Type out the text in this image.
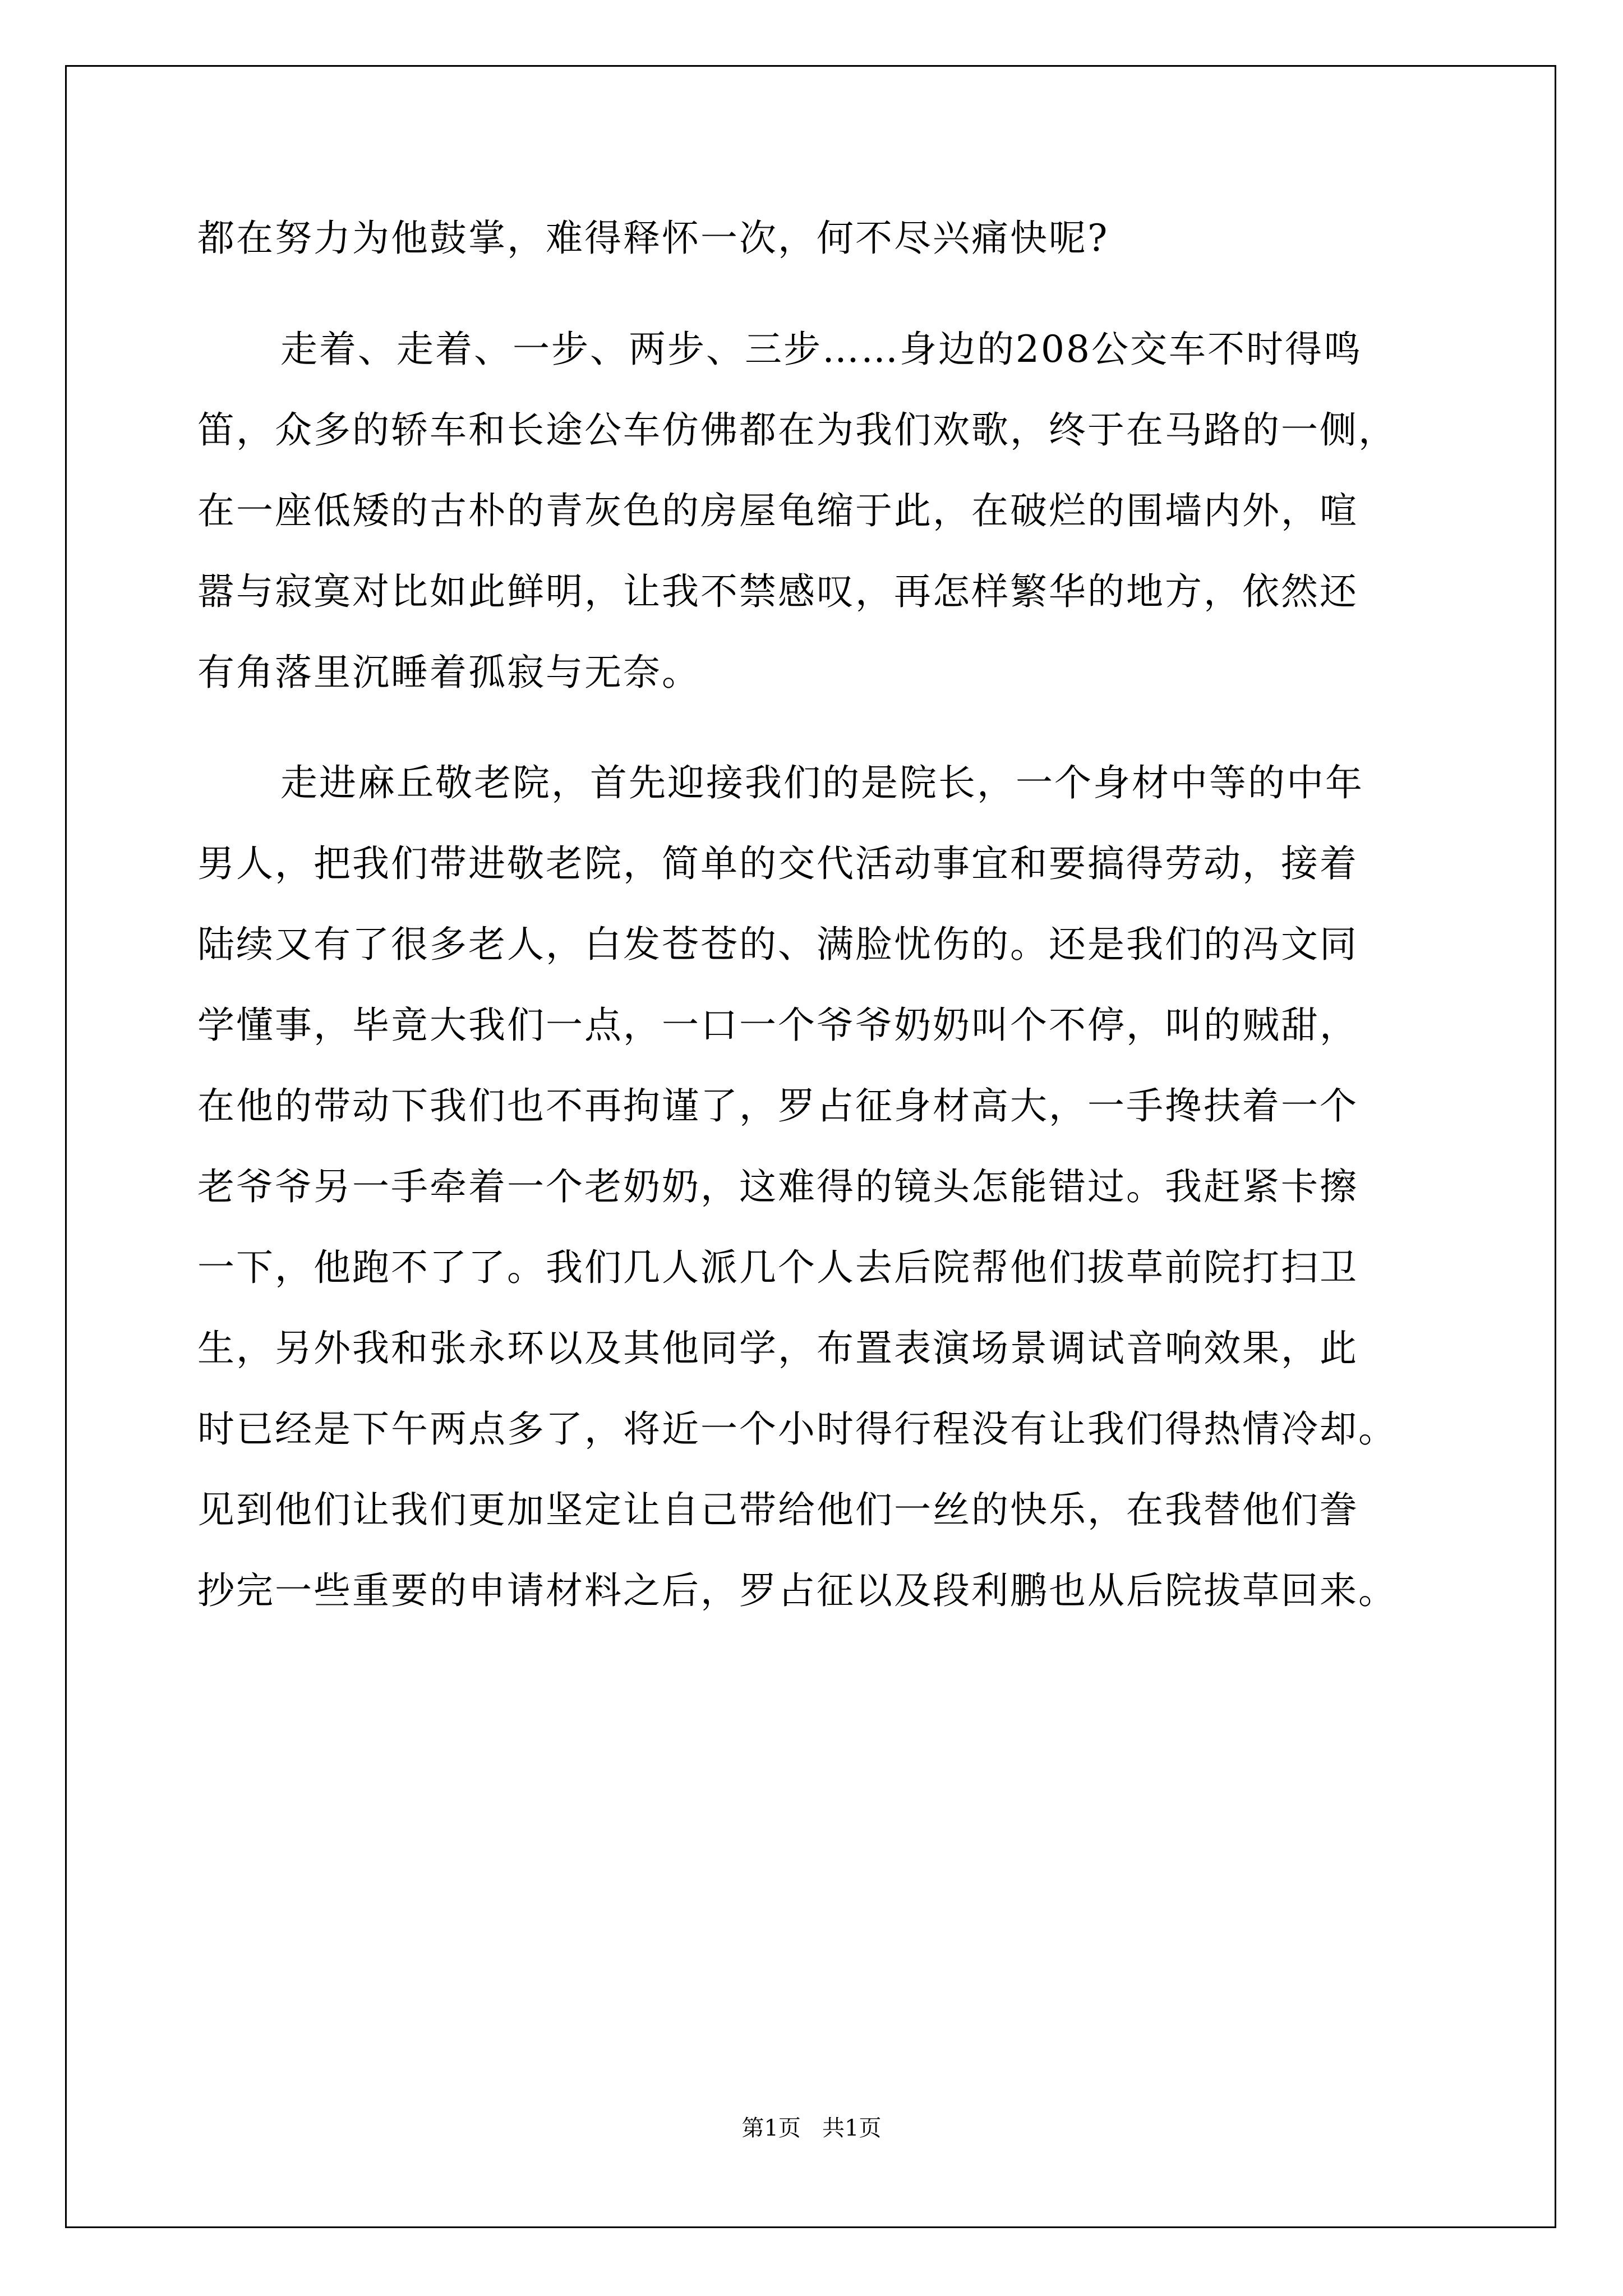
都在努力为他鼓掌，难得释怀一次，何不尽兴痛快呢?
走着、走着、一步、两步、三步……身边的208公交车不时得鸣
笛，众多的轿车和长途公车仿佛都在为我们欢歌，终于在马路的一侧，
在一座低矮的古朴的青灰色的房屋龟缩于此，在破烂的围墙内外，喧
嚣与寂寞对比如此鲜明，让我不禁感叹，再怎样繁华的地方，依然还
有角落里沉睡着孤寂与无奈。
走进麻丘敬老院，首先迎接我们的是院长，一个身材中等的中年
男人，把我们带进敬老院，简单的交代活动事宜和要搞得劳动，接着
陆续又有了很多老人，白发苍苍的、满脸忧伤的。还是我们的冯文同
学懂事，毕竟大我们一点，一口一个爷爷奶奶叫个不停，叫的贼甜，
在他的带动下我们也不再拘谨了，罗占征身材高大，一手搀扶着一个
老爷爷另一手牵着一个老奶奶，这难得的镜头怎能错过。我赶紧卡擦
一下，他跑不了了。我们几人派几个人去后院帮他们拔草前院打扫卫
生，另外我和张永环以及其他同学，布置表演场景调试音响效果，此
时已经是下午两点多了，将近一个小时得行程没有让我们得热情冷却。
见到他们让我们更加坚定让自己带给他们一丝的快乐，在我替他们誊
抄完一些重要的申请材料之后，罗占征以及段利鹏也从后院拔草回来。
第1页   共1页
